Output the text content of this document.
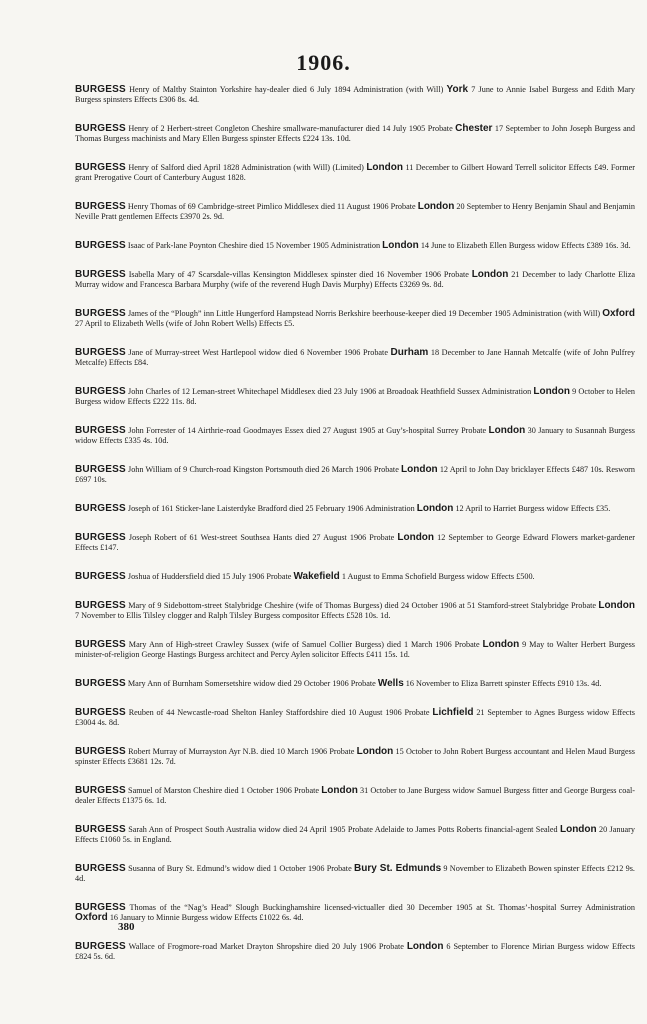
1906.
BURGESS Henry of Maltby Stainton Yorkshire hay-dealer died 6 July 1894 Administration (with Will) York 7 June to Annie Isabel Burgess and Edith Mary Burgess spinsters Effects £306 8s. 4d.
BURGESS Henry of 2 Herbert-street Congleton Cheshire smallware-manufacturer died 14 July 1905 Probate Chester 17 September to John Joseph Burgess and Thomas Burgess machinists and Mary Ellen Burgess spinster Effects £224 13s. 10d.
BURGESS Henry of Salford died April 1828 Administration (with Will) (Limited) London 11 December to Gilbert Howard Terrell solicitor Effects £49. Former grant Prerogative Court of Canterbury August 1828.
BURGESS Henry Thomas of 69 Cambridge-street Pimlico Middlesex died 11 August 1906 Probate London 20 September to Henry Benjamin Shaul and Benjamin Neville Pratt gentlemen Effects £3970 2s. 9d.
BURGESS Isaac of Park-lane Poynton Cheshire died 15 November 1905 Administration London 14 June to Elizabeth Ellen Burgess widow Effects £389 16s. 3d.
BURGESS Isabella Mary of 47 Scarsdale-villas Kensington Middlesex spinster died 16 November 1906 Probate London 21 December to lady Charlotte Eliza Murray widow and Francesca Barbara Murphy (wife of the reverend Hugh Davis Murphy) Effects £3269 9s. 8d.
BURGESS James of the “Plough” inn Little Hungerford Hampstead Norris Berkshire beerhouse-keeper died 19 December 1905 Administration (with Will) Oxford 27 April to Elizabeth Wells (wife of John Robert Wells) Effects £5.
BURGESS Jane of Murray-street West Hartlepool widow died 6 November 1906 Probate Durham 18 December to Jane Hannah Metcalfe (wife of John Pulfrey Metcalfe) Effects £84.
BURGESS John Charles of 12 Leman-street Whitechapel Middlesex died 23 July 1906 at Broadoak Heathfield Sussex Administration London 9 October to Helen Burgess widow Effects £222 11s. 8d.
BURGESS John Forrester of 14 Airthrie-road Goodmayes Essex died 27 August 1905 at Guy’s-hospital Surrey Probate London 30 January to Susannah Burgess widow Effects £335 4s. 10d.
BURGESS John William of 9 Church-road Kingston Portsmouth died 26 March 1906 Probate London 12 April to John Day bricklayer Effects £487 10s. Resworn £697 10s.
BURGESS Joseph of 161 Sticker-lane Laisterdyke Bradford died 25 February 1906 Administration London 12 April to Harriet Burgess widow Effects £35.
BURGESS Joseph Robert of 61 West-street Southsea Hants died 27 August 1906 Probate London 12 September to George Edward Flowers market-gardener Effects £147.
BURGESS Joshua of Huddersfield died 15 July 1906 Probate Wakefield 1 August to Emma Schofield Burgess widow Effects £500.
BURGESS Mary of 9 Sidebottom-street Stalybridge Cheshire (wife of Thomas Burgess) died 24 October 1906 at 51 Stamford-street Stalybridge Probate London 7 November to Ellis Tilsley clogger and Ralph Tilsley Burgess compositor Effects £528 10s. 1d.
BURGESS Mary Ann of High-street Crawley Sussex (wife of Samuel Collier Burgess) died 1 March 1906 Probate London 9 May to Walter Herbert Burgess minister-of-religion George Hastings Burgess architect and Percy Aylen solicitor Effects £411 15s. 1d.
BURGESS Mary Ann of Burnham Somersetshire widow died 29 October 1906 Probate Wells 16 November to Eliza Barrett spinster Effects £910 13s. 4d.
BURGESS Reuben of 44 Newcastle-road Shelton Hanley Staffordshire died 10 August 1906 Probate Lichfield 21 September to Agnes Burgess widow Effects £3004 4s. 8d.
BURGESS Robert Murray of Murrayston Ayr N.B. died 10 March 1906 Probate London 15 October to John Robert Burgess accountant and Helen Maud Burgess spinster Effects £3681 12s. 7d.
BURGESS Samuel of Marston Cheshire died 1 October 1906 Probate London 31 October to Jane Burgess widow Samuel Burgess fitter and George Burgess coal-dealer Effects £1375 6s. 1d.
BURGESS Sarah Ann of Prospect South Australia widow died 24 April 1905 Probate Adelaide to James Potts Roberts financial-agent Sealed London 20 January Effects £1060 5s. in England.
BURGESS Susanna of Bury St. Edmund’s widow died 1 October 1906 Probate Bury St. Edmunds 9 November to Elizabeth Bowen spinster Effects £212 9s. 4d.
BURGESS Thomas of the “Nag’s Head” Slough Buckinghamshire licensed-victualler died 30 December 1905 at St. Thomas’-hospital Surrey Administration Oxford 16 January to Minnie Burgess widow Effects £1022 6s. 4d.
BURGESS Wallace of Frogmore-road Market Drayton Shropshire died 20 July 1906 Probate London 6 September to Florence Mirian Burgess widow Effects £824 5s. 6d.
380
